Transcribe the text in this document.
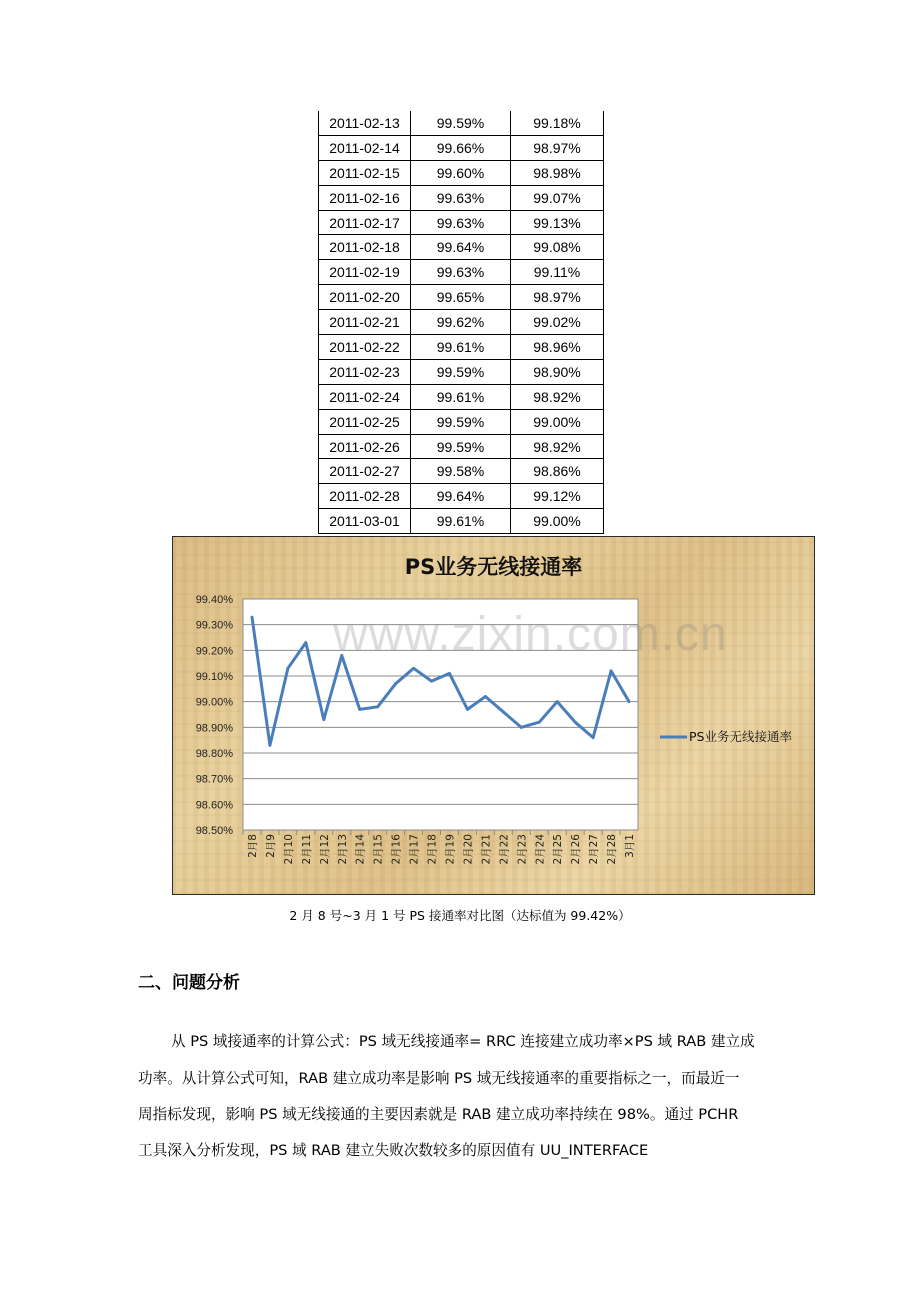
2011-02-13	99.59%	99.18%
2011-02-14	99.66%	98.97%
2011-02-15	99.60%	98.98%
2011-02-16	99.63%	99.07%
2011-02-17	99.63%	99.13%
2011-02-18	99.64%	99.08%
2011-02-19	99.63%	99.11%
2011-02-20	99.65%	98.97%
2011-02-21	99.62%	99.02%
2011-02-22	99.61%	98.96%
2011-02-23	99.59%	98.90%
2011-02-24	99.61%	98.92%
2011-02-25	99.59%	99.00%
2011-02-26	99.59%	98.92%
2011-02-27	99.58%	98.86%
2011-02-28	99.64%	99.12%
2011-03-01	99.61%	99.00%
PS业务无线接通率
99.40%
99.30%
99.20%
99.10%
99.00%
98.90%
98.80%
98.70%
98.60%
98.50%
2月8 2月9 2月10 2月11 2月12 2月13 2月14 2月15 2月16 2月17 2月18 2月19 2月20 2月21 2月22 2月23 2月24 2月25 2月26 2月27 2月28 3月1
PS业务无线接通率
www.zixin.com.cn
2 月 8 号~3 月 1 号 PS 接通率对比图（达标值为 99.42%）
二、问题分析
从 PS 域接通率的计算公式：PS 域无线接通率= RRC 连接建立成功率×PS 域 RAB 建立成
功率。从计算公式可知，RAB 建立成功率是影响 PS 域无线接通率的重要指标之一，而最近一
周指标发现，影响 PS 域无线接通的主要因素就是 RAB 建立成功率持续在 98%。通过 PCHR
工具深入分析发现，PS 域 RAB 建立失败次数较多的原因值有 UU_INTERFACE
